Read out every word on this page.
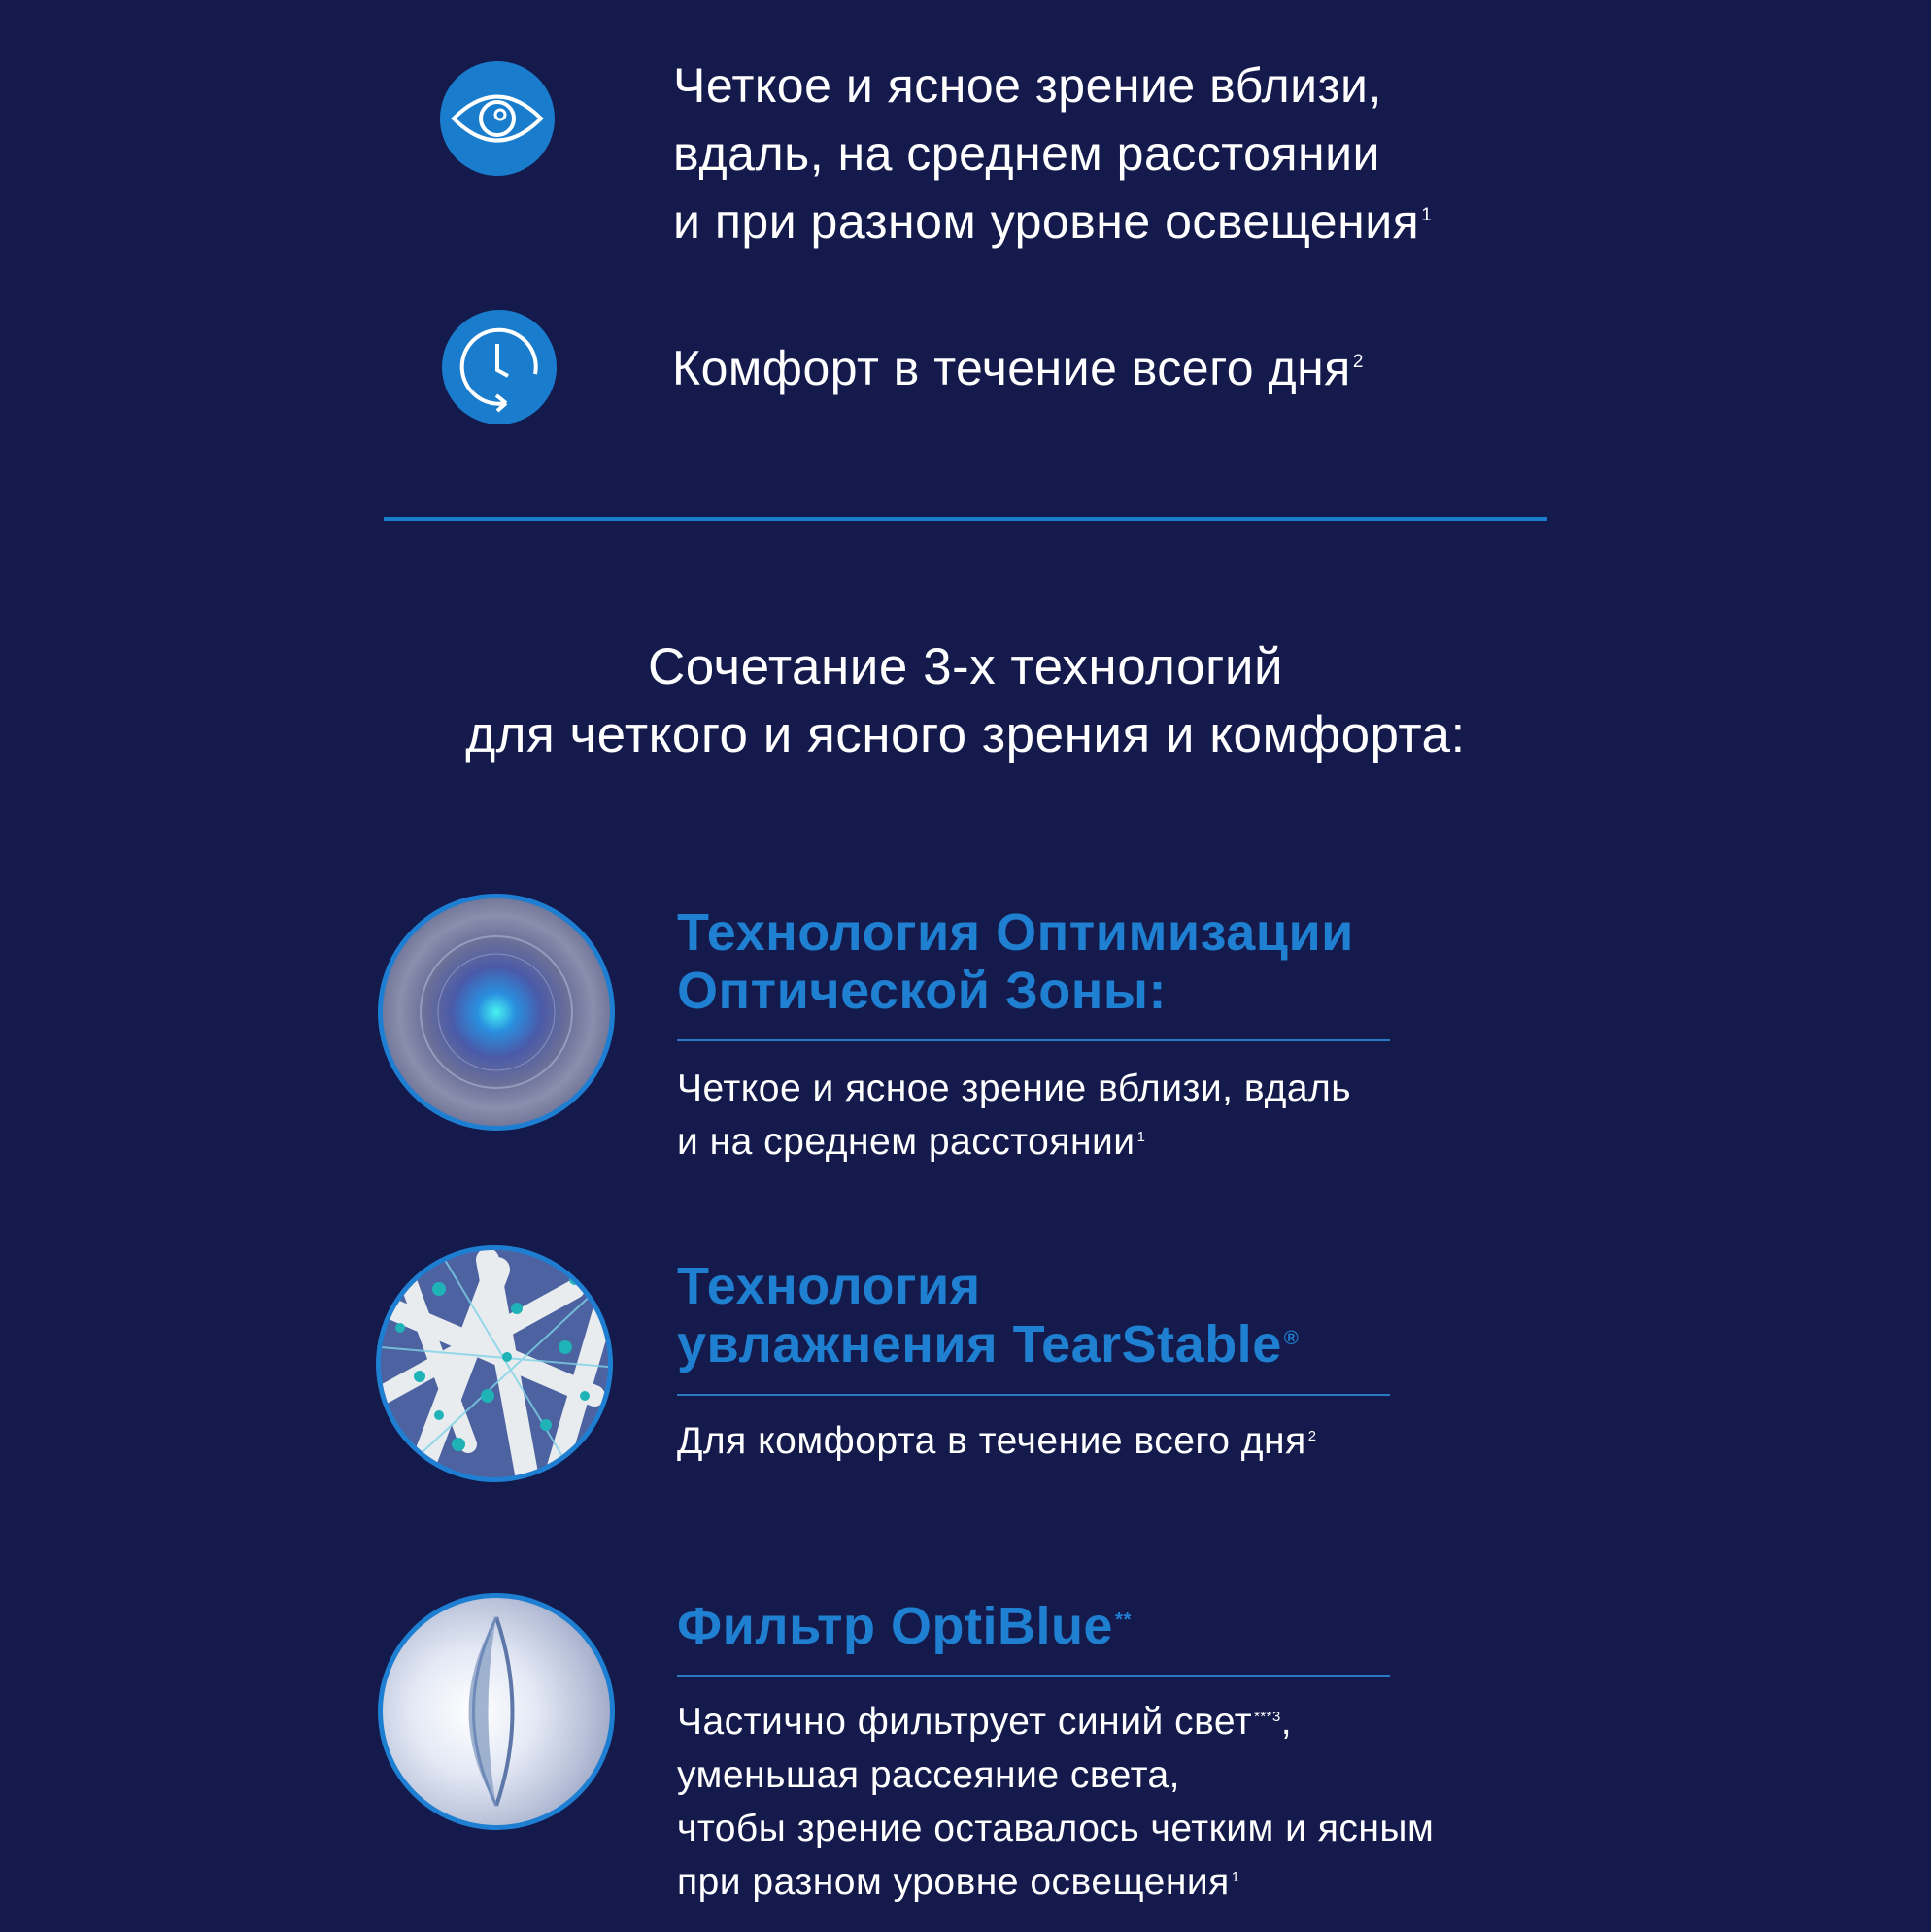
Четкое и ясное зрение вблизи,
вдаль, на среднем расстоянии
и при разном уровне освещения $^1$
Комфорт в течение всего дня $^2$
Сочетание 3-х технологий
для четкого и ясного зрения и комфорта:
Технология Оптимизации
Оптической Зоны:
Четкое и ясное зрение вблизи, вдаль
и на среднем расстоянии $^1$
Технология
увлажнения TearStable®
Для комфорта в течение всего дня $^2$
Фильтр OptiBlue**
Частично фильтрует синий свет $^{***3}$,
уменьшая рассеяние света,
чтобы зрение оставалось четким и ясным
при разном уровне освещения $^1$
